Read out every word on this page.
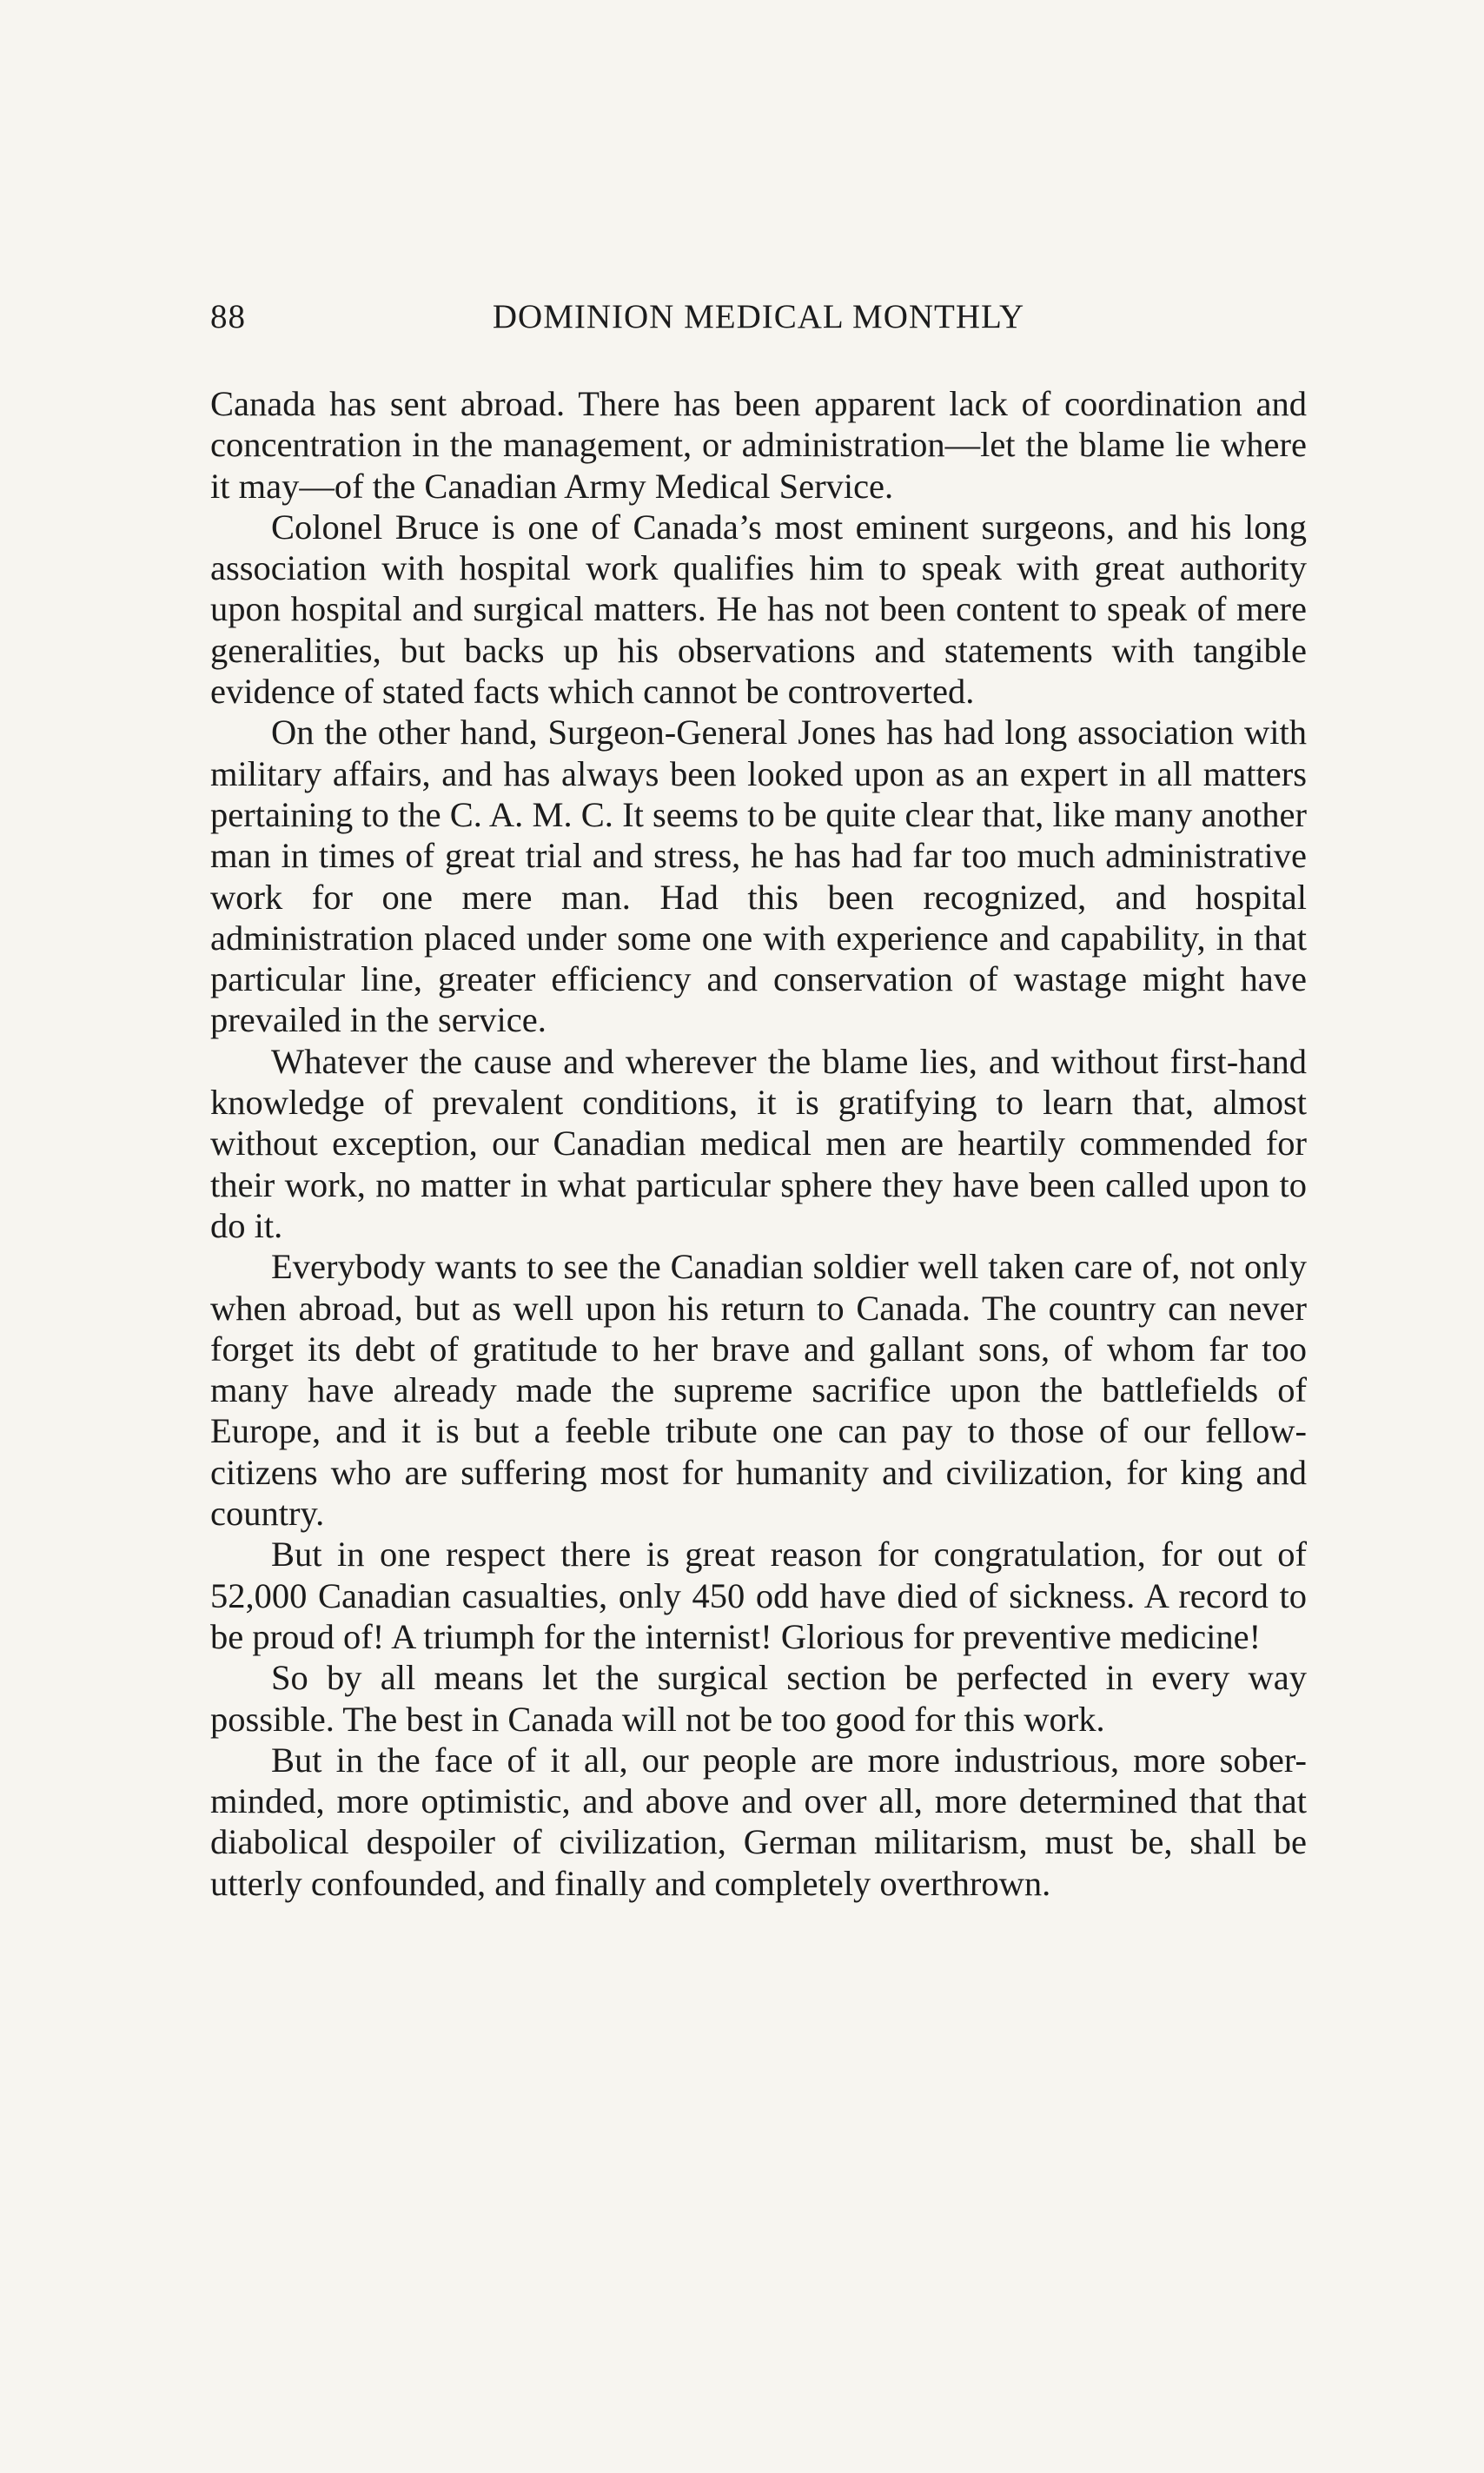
88	DOMINION MEDICAL MONTHLY

Canada has sent abroad. There has been apparent lack of coordination and concentration in the management, or administration—let the blame lie where it may—of the Canadian Army Medical Service.

Colonel Bruce is one of Canada’s most eminent surgeons, and his long association with hospital work qualifies him to speak with great authority upon hospital and surgical matters. He has not been content to speak of mere generalities, but backs up his observations and statements with tangible evidence of stated facts which cannot be controverted.

On the other hand, Surgeon-General Jones has had long association with military affairs, and has always been looked upon as an expert in all matters pertaining to the C. A. M. C. It seems to be quite clear that, like many another man in times of great trial and stress, he has had far too much administrative work for one mere man. Had this been recognized, and hospital administration placed under some one with experience and capability, in that particular line, greater efficiency and conservation of wastage might have prevailed in the service.

Whatever the cause and wherever the blame lies, and without first-hand knowledge of prevalent conditions, it is gratifying to learn that, almost without exception, our Canadian medical men are heartily commended for their work, no matter in what particular sphere they have been called upon to do it.

Everybody wants to see the Canadian soldier well taken care of, not only when abroad, but as well upon his return to Canada. The country can never forget its debt of gratitude to her brave and gallant sons, of whom far too many have already made the supreme sacrifice upon the battlefields of Europe, and it is but a feeble tribute one can pay to those of our fellow-citizens who are suffering most for humanity and civilization, for king and country.

But in one respect there is great reason for congratulation, for out of 52,000 Canadian casualties, only 450 odd have died of sickness. A record to be proud of! A triumph for the internist! Glorious for preventive medicine!

So by all means let the surgical section be perfected in every way possible. The best in Canada will not be too good for this work.

But in the face of it all, our people are more industrious, more sober-minded, more optimistic, and above and over all, more determined that that diabolical despoiler of civilization, German militarism, must be, shall be utterly confounded, and finally and completely overthrown.
